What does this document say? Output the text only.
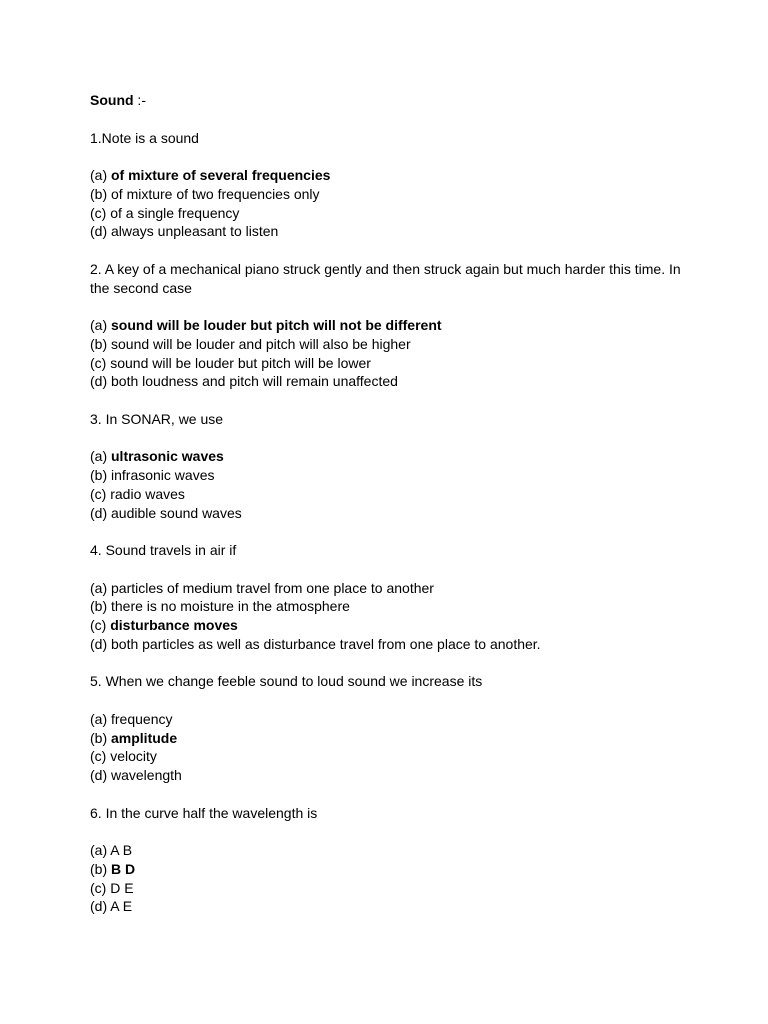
Sound :-

1.Note is a sound

(a) of mixture of several frequencies
(b) of mixture of two frequencies only
(c) of a single frequency
(d) always unpleasant to listen

2. A key of a mechanical piano struck gently and then struck again but much harder this time. In the second case

(a) sound will be louder but pitch will not be different
(b) sound will be louder and pitch will also be higher
(c) sound will be louder but pitch will be lower
(d) both loudness and pitch will remain unaffected

3. In SONAR, we use

(a) ultrasonic waves
(b) infrasonic waves
(c) radio waves
(d) audible sound waves

4. Sound travels in air if

(a) particles of medium travel from one place to another
(b) there is no moisture in the atmosphere
(c) disturbance moves
(d) both particles as well as disturbance travel from one place to another.

5. When we change feeble sound to loud sound we increase its

(a) frequency
(b) amplitude
(c) velocity
(d) wavelength

6. In the curve half the wavelength is

(a) A B
(b) B D
(c) D E
(d) A E
